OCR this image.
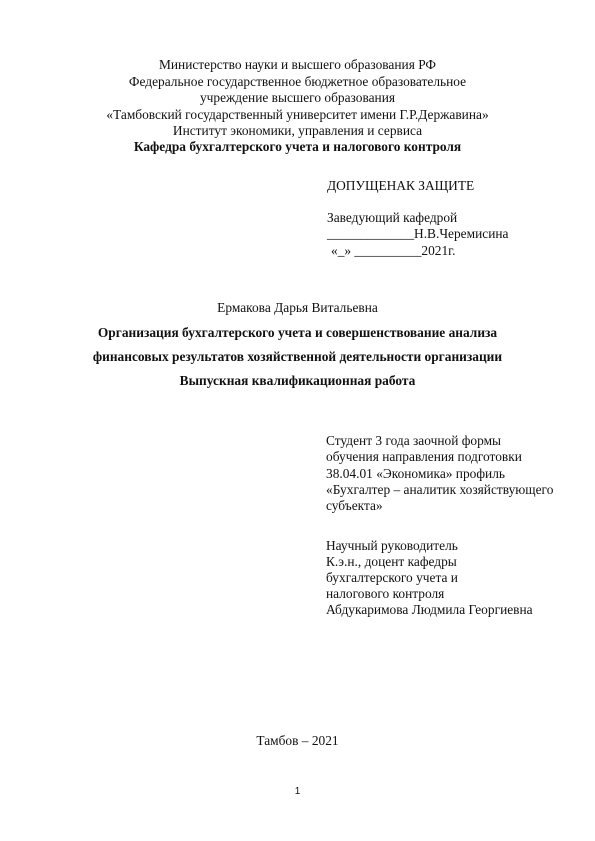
Министерство науки и высшего образования РФ
Федеральное государственное бюджетное образовательное
учреждение высшего образования
«Тамбовский государственный университет имени Г.Р.Державина»
Институт экономики, управления и сервиса
Кафедра бухгалтерского учета и налогового контроля
ДОПУЩЕНАК ЗАЩИТЕ
Заведующий кафедрой
_____________Н.В.Черемисина
«_» __________2021г.
Ермакова Дарья Витальевна
Организация бухгалтерского учета и совершенствование анализа
финансовых результатов хозяйственной деятельности организации
Выпускная квалификационная работа
Студент 3 года заочной формы
обучения направления подготовки
38.04.01 «Экономика» профиль
«Бухгалтер – аналитик хозяйствующего
субъекта»
Научный руководитель
К.э.н., доцент кафедры
бухгалтерского учета и
налогового контроля
Абдукаримова Людмила Георгиевна
Тамбов – 2021
1
